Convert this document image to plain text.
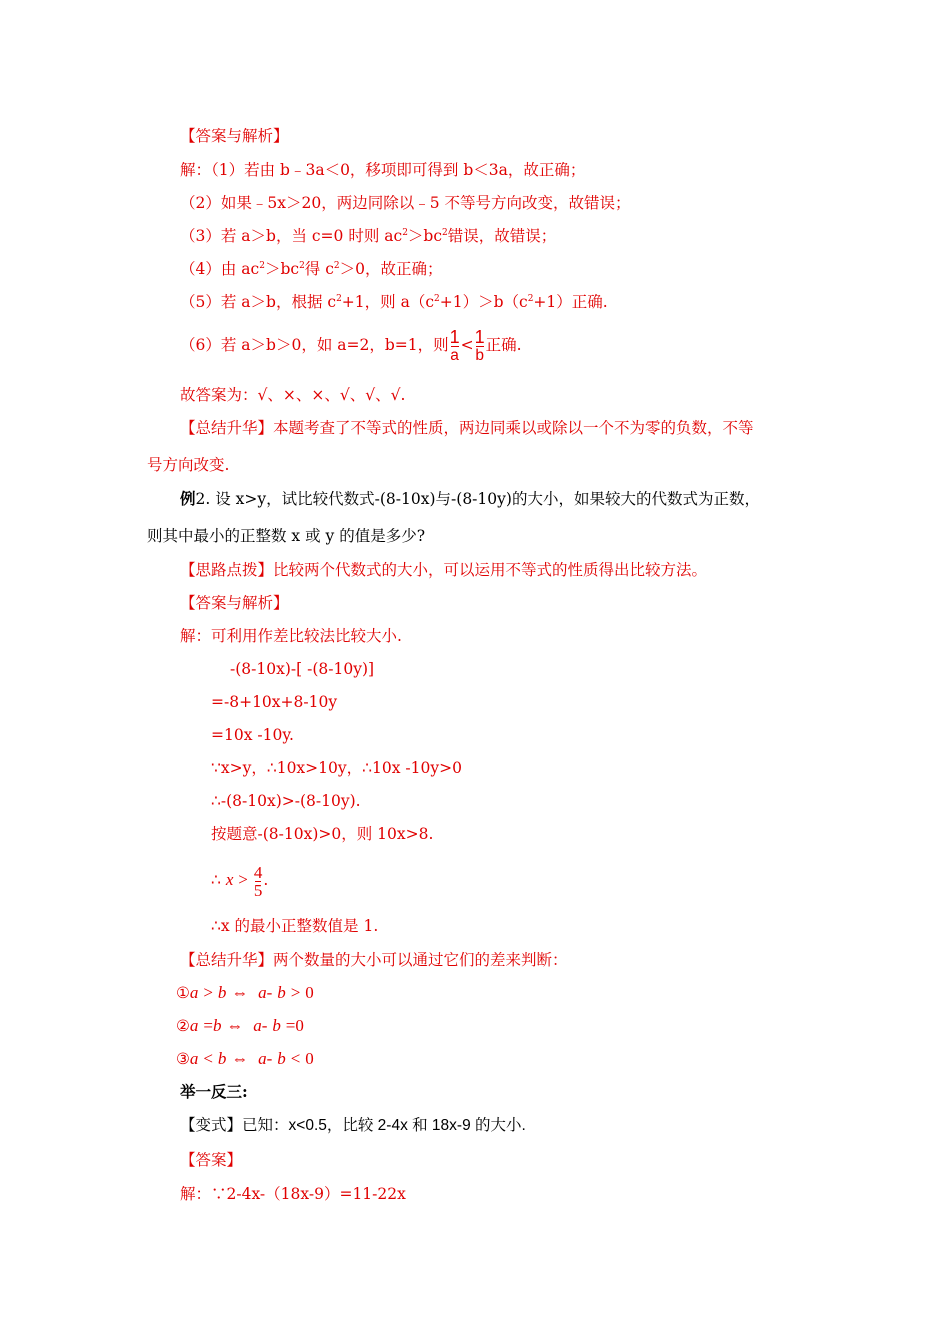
【答案与解析】
解：（1）若由 b﹣3a＜0，移项即可得到 b＜3a，故正确；
（2）如果﹣5x＞20，两边同除以﹣5 不等号方向改变，故错误；
（3）若 a＞b，当 c=0 时则 $ac^2>bc^2$错误，故错误；
（4）由 $ac^2>bc^2$得 $c^2>0$，故正确；
（5）若 a＞b，根据 $c^2+1$，则 $a(c^2+1)>b(c^2+1)$正确.
（6）若 a＞b＞0，如 a=2，b=1，则 $\frac{1}{a} < \frac{1}{b}$ 正确.
故答案为：√、×、×、√、√、√.
【总结升华】本题考查了不等式的性质，两边同乘以或除以一个不为零的负数，不等
号方向改变.
例2. 设 x>y，试比较代数式-(8-10x)与-(8-10y)的大小，如果较大的代数式为正数，
则其中最小的正整数 x 或 y 的值是多少?
【思路点拨】比较两个代数式的大小，可以运用不等式的性质得出比较方法。
【答案与解析】
解：可利用作差比较法比较大小.
-(8-10x)-[ -(8-10y)]
=-8+10x+8-10y
=10x -10y.
∵x>y，∴10x>10y，∴10x -10y>0
∴-(8-10x)>-(8-10y).
按题意-(8-10x)>0，则 10x>8.
∴ $x > \frac{4}{5}$ .
∴x 的最小正整数值是 1.
【总结升华】两个数量的大小可以通过它们的差来判断：
①a > b ⇔ a- b > 0
②a =b ⇔ a- b =0
③a < b ⇔ a- b < 0
举一反三:
【变式】已知：x<0.5，比较 2-4x 和 18x-9 的大小.
【答案】
解：∵2-4x-（18x-9）=11-22x
